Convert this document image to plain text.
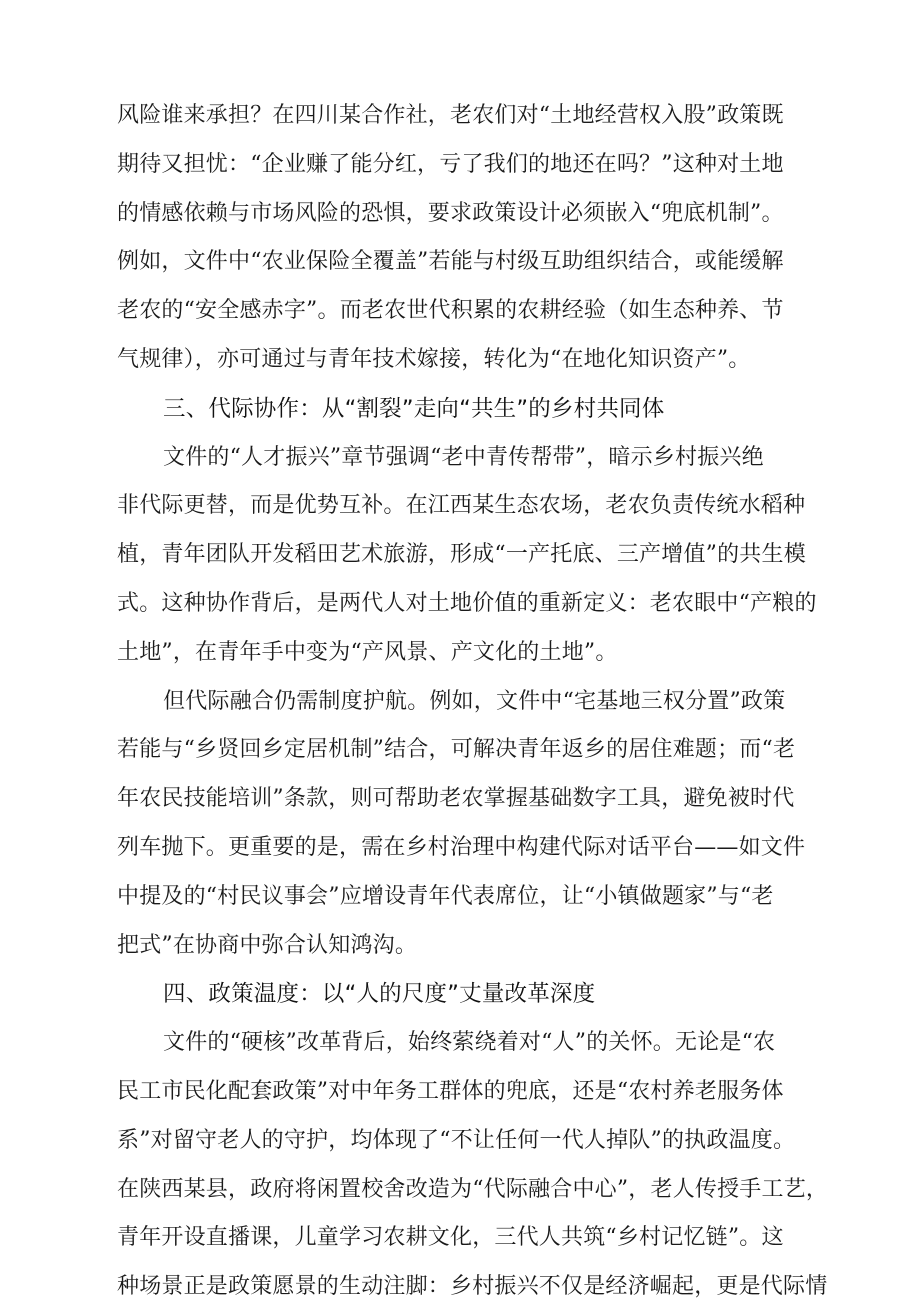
风险谁来承担？在四川某合作社，老农们对“土地经营权入股”政策既
期待又担忧：“企业赚了能分红，亏了我们的地还在吗？”这种对土地
的情感依赖与市场风险的恐惧，要求政策设计必须嵌入“兜底机制”。
例如，文件中“农业保险全覆盖”若能与村级互助组织结合，或能缓解
老农的“安全感赤字”。而老农世代积累的农耕经验（如生态种养、节
气规律），亦可通过与青年技术嫁接，转化为“在地化知识资产”。
三、代际协作：从“割裂”走向“共生”的乡村共同体
文件的“人才振兴”章节强调“老中青传帮带”，暗示乡村振兴绝
非代际更替，而是优势互补。在江西某生态农场，老农负责传统水稻种
植，青年团队开发稻田艺术旅游，形成“一产托底、三产增值”的共生模
式。这种协作背后，是两代人对土地价值的重新定义：老农眼中“产粮的
土地”，在青年手中变为“产风景、产文化的土地”。
但代际融合仍需制度护航。例如，文件中“宅基地三权分置”政策
若能与“乡贤回乡定居机制”结合，可解决青年返乡的居住难题；而“老
年农民技能培训”条款，则可帮助老农掌握基础数字工具，避免被时代
列车抛下。更重要的是，需在乡村治理中构建代际对话平台——如文件
中提及的“村民议事会”应增设青年代表席位，让“小镇做题家”与“老
把式”在协商中弥合认知鸿沟。
四、政策温度：以“人的尺度”丈量改革深度
文件的“硬核”改革背后，始终萦绕着对“人”的关怀。无论是“农
民工市民化配套政策”对中年务工群体的兜底，还是“农村养老服务体
系”对留守老人的守护，均体现了“不让任何一代人掉队”的执政温度。
在陕西某县，政府将闲置校舍改造为“代际融合中心”，老人传授手工艺，
青年开设直播课，儿童学习农耕文化，三代人共筑“乡村记忆链”。这
种场景正是政策愿景的生动注脚：乡村振兴不仅是经济崛起，更是代际情
